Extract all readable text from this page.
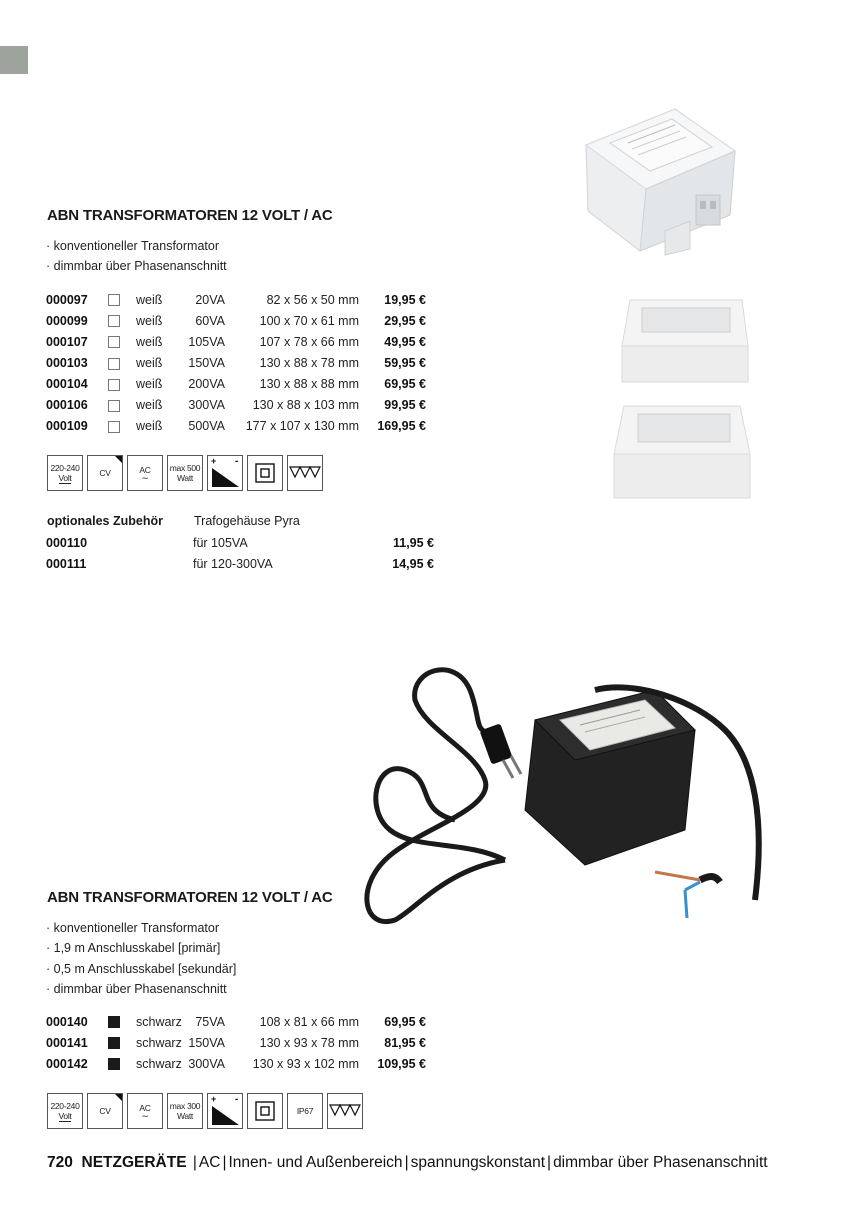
ABN TRANSFORMATOREN 12 VOLT / AC
· konventioneller Transformator
· dimmbar über Phasenanschnitt
000097		weiß	20VA	82 x 56 x 50 mm	19,95 €
000099		weiß	60VA	100 x 70 x 61 mm	29,95 €
000107		weiß	105VA	107 x 78 x 66 mm	49,95 €
000103		weiß	150VA	130 x 88 x 78 mm	59,95 €
000104		weiß	200VA	130 x 88 x 88 mm	69,95 €
000106		weiß	300VA	130 x 88 x 103 mm	99,95 €
000109		weiß	500VA	177 x 107 x 130 mm	169,95 €
220-240
Volt	CV	AC
∼
max 500
Watt
+ -
optionales Zubehör Trafogehäuse Pyra
000110	für 105VA	11,95 €
000111	für 120-300VA	14,95 €
ABN TRANSFORMATOREN 12 VOLT / AC
· konventioneller Transformator
· 1,9 m Anschlusskabel [primär]
· 0,5 m Anschlusskabel [sekundär]
· dimmbar über Phasenanschnitt
000140		schwarz	75VA	108 x 81 x 66 mm	69,95 €
000141		schwarz	150VA	130 x 93 x 78 mm	81,95 €
000142		schwarz	300VA	130 x 93 x 102 mm	109,95 €
220-240
Volt	CV	AC
∼
max 300
Watt
+ -
IP67
720 NETZGERÄTE | AC | Innen- und Außenbereich | spannungskonstant | dimmbar über Phasenanschnitt
